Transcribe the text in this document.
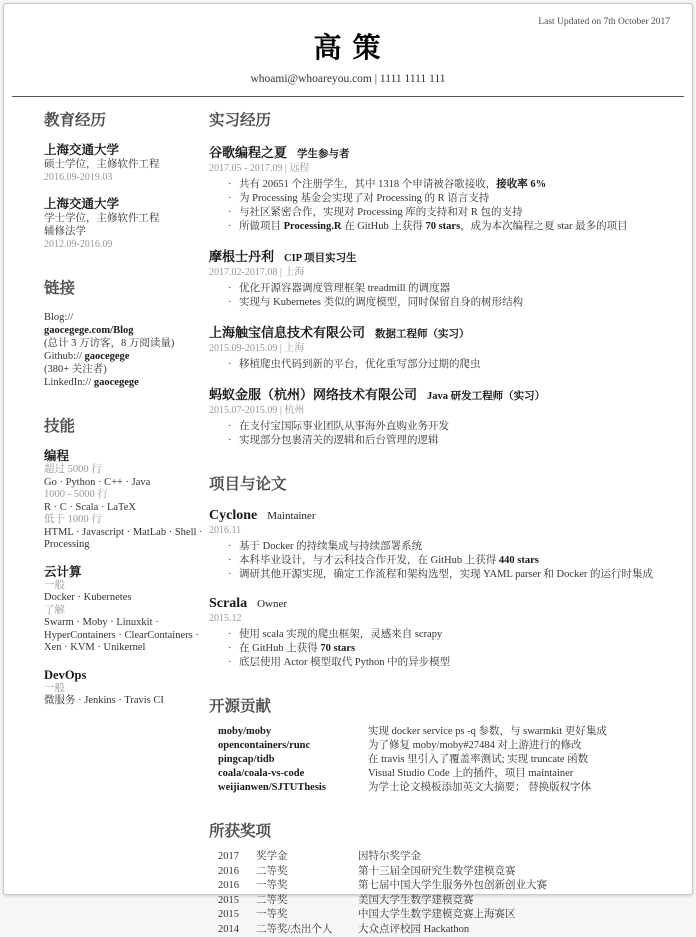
Last Updated on 7th October 2017
高 策
whoami@whoareyou.com | 1111 1111 111
教育经历
上海交通大学
硕士学位，主修软件工程
2016.09-2019.03
上海交通大学
学士学位，主修软件工程
辅修法学
2012.09-2016.09
链接
Blog://
gaocegege.com/Blog
(总计 3 万访客，8 万阅读量)
Github:// gaocegege
(380+ 关注者)
LinkedIn:// gaocegege
技能
编程
超过 5000 行
Go · Python · C++ · Java
1000 - 5000 行
R · C · Scala · LaTeX
低于 1000 行
HTML · Javascript · MatLab · Shell · Processing
云计算
一般
Docker · Kubernetes
了解
Swarm · Moby · Linuxkit · HyperContainers · ClearContainers · Xen · KVM · Unikernel
DevOps
一般
微服务 · Jenkins · Travis CI
实习经历
谷歌编程之夏 学生参与者
2017.05 - 2017.09 | 远程
· 共有 20651 个注册学生，其中 1318 个申请被谷歌接收，接收率 6%
· 为 Processing 基金会实现了对 Processing 的 R 语言支持
· 与社区紧密合作，实现对 Processing 库的支持和对 R 包的支持
· 所做项目 Processing.R 在 GitHub 上获得 70 stars，成为本次编程之夏 star 最多的项目
摩根士丹利 CIP 项目实习生
2017.02-2017.08 | 上海
· 优化开源容器调度管理框架 treadmill 的调度器
· 实现与 Kubernetes 类似的调度模型，同时保留自身的树形结构
上海触宝信息技术有限公司 数据工程师（实习）
2015.09-2015.09 | 上海
· 移植爬虫代码到新的平台，优化重写部分过期的爬虫
蚂蚁金服（杭州）网络技术有限公司 Java 研发工程师（实习）
2015.07-2015.09 | 杭州
· 在支付宝国际事业团队从事海外直购业务开发
· 实现部分包裹清关的逻辑和后台管理的逻辑
项目与论文
Cyclone Maintainer
2016.11
· 基于 Docker 的持续集成与持续部署系统
· 本科毕业设计，与才云科技合作开发，在 GitHub 上获得 440 stars
· 调研其他开源实现，确定工作流程和架构选型，实现 YAML parser 和 Docker 的运行时集成
Scrala Owner
2015.12
· 使用 scala 实现的爬虫框架，灵感来自 scrapy
· 在 GitHub 上获得 70 stars
· 底层使用 Actor 模型取代 Python 中的异步模型
开源贡献
moby/moby	实现 docker service ps -q 参数，与 swarmkit 更好集成
opencontainers/runc	为了修复 moby/moby#27484 对上游进行的修改
pingcap/tidb	在 travis 里引入了覆盖率测试; 实现 truncate 函数
coala/coala-vs-code	Visual Studio Code 上的插件，项目 maintainer
weijianwen/SJTUThesis	为学士论文模板添加英文大摘要； 替换版权字体
所获奖项
2017	奖学金	因特尔奖学金
2016	二等奖	第十三届全国研究生数学建模竞赛
2016	一等奖	第七届中国大学生服务外包创新创业大赛
2015	二等奖	美国大学生数学建模竞赛
2015	一等奖	中国大学生数学建模竞赛上海赛区
2014	二等奖/杰出个人	大众点评校园 Hackathon
